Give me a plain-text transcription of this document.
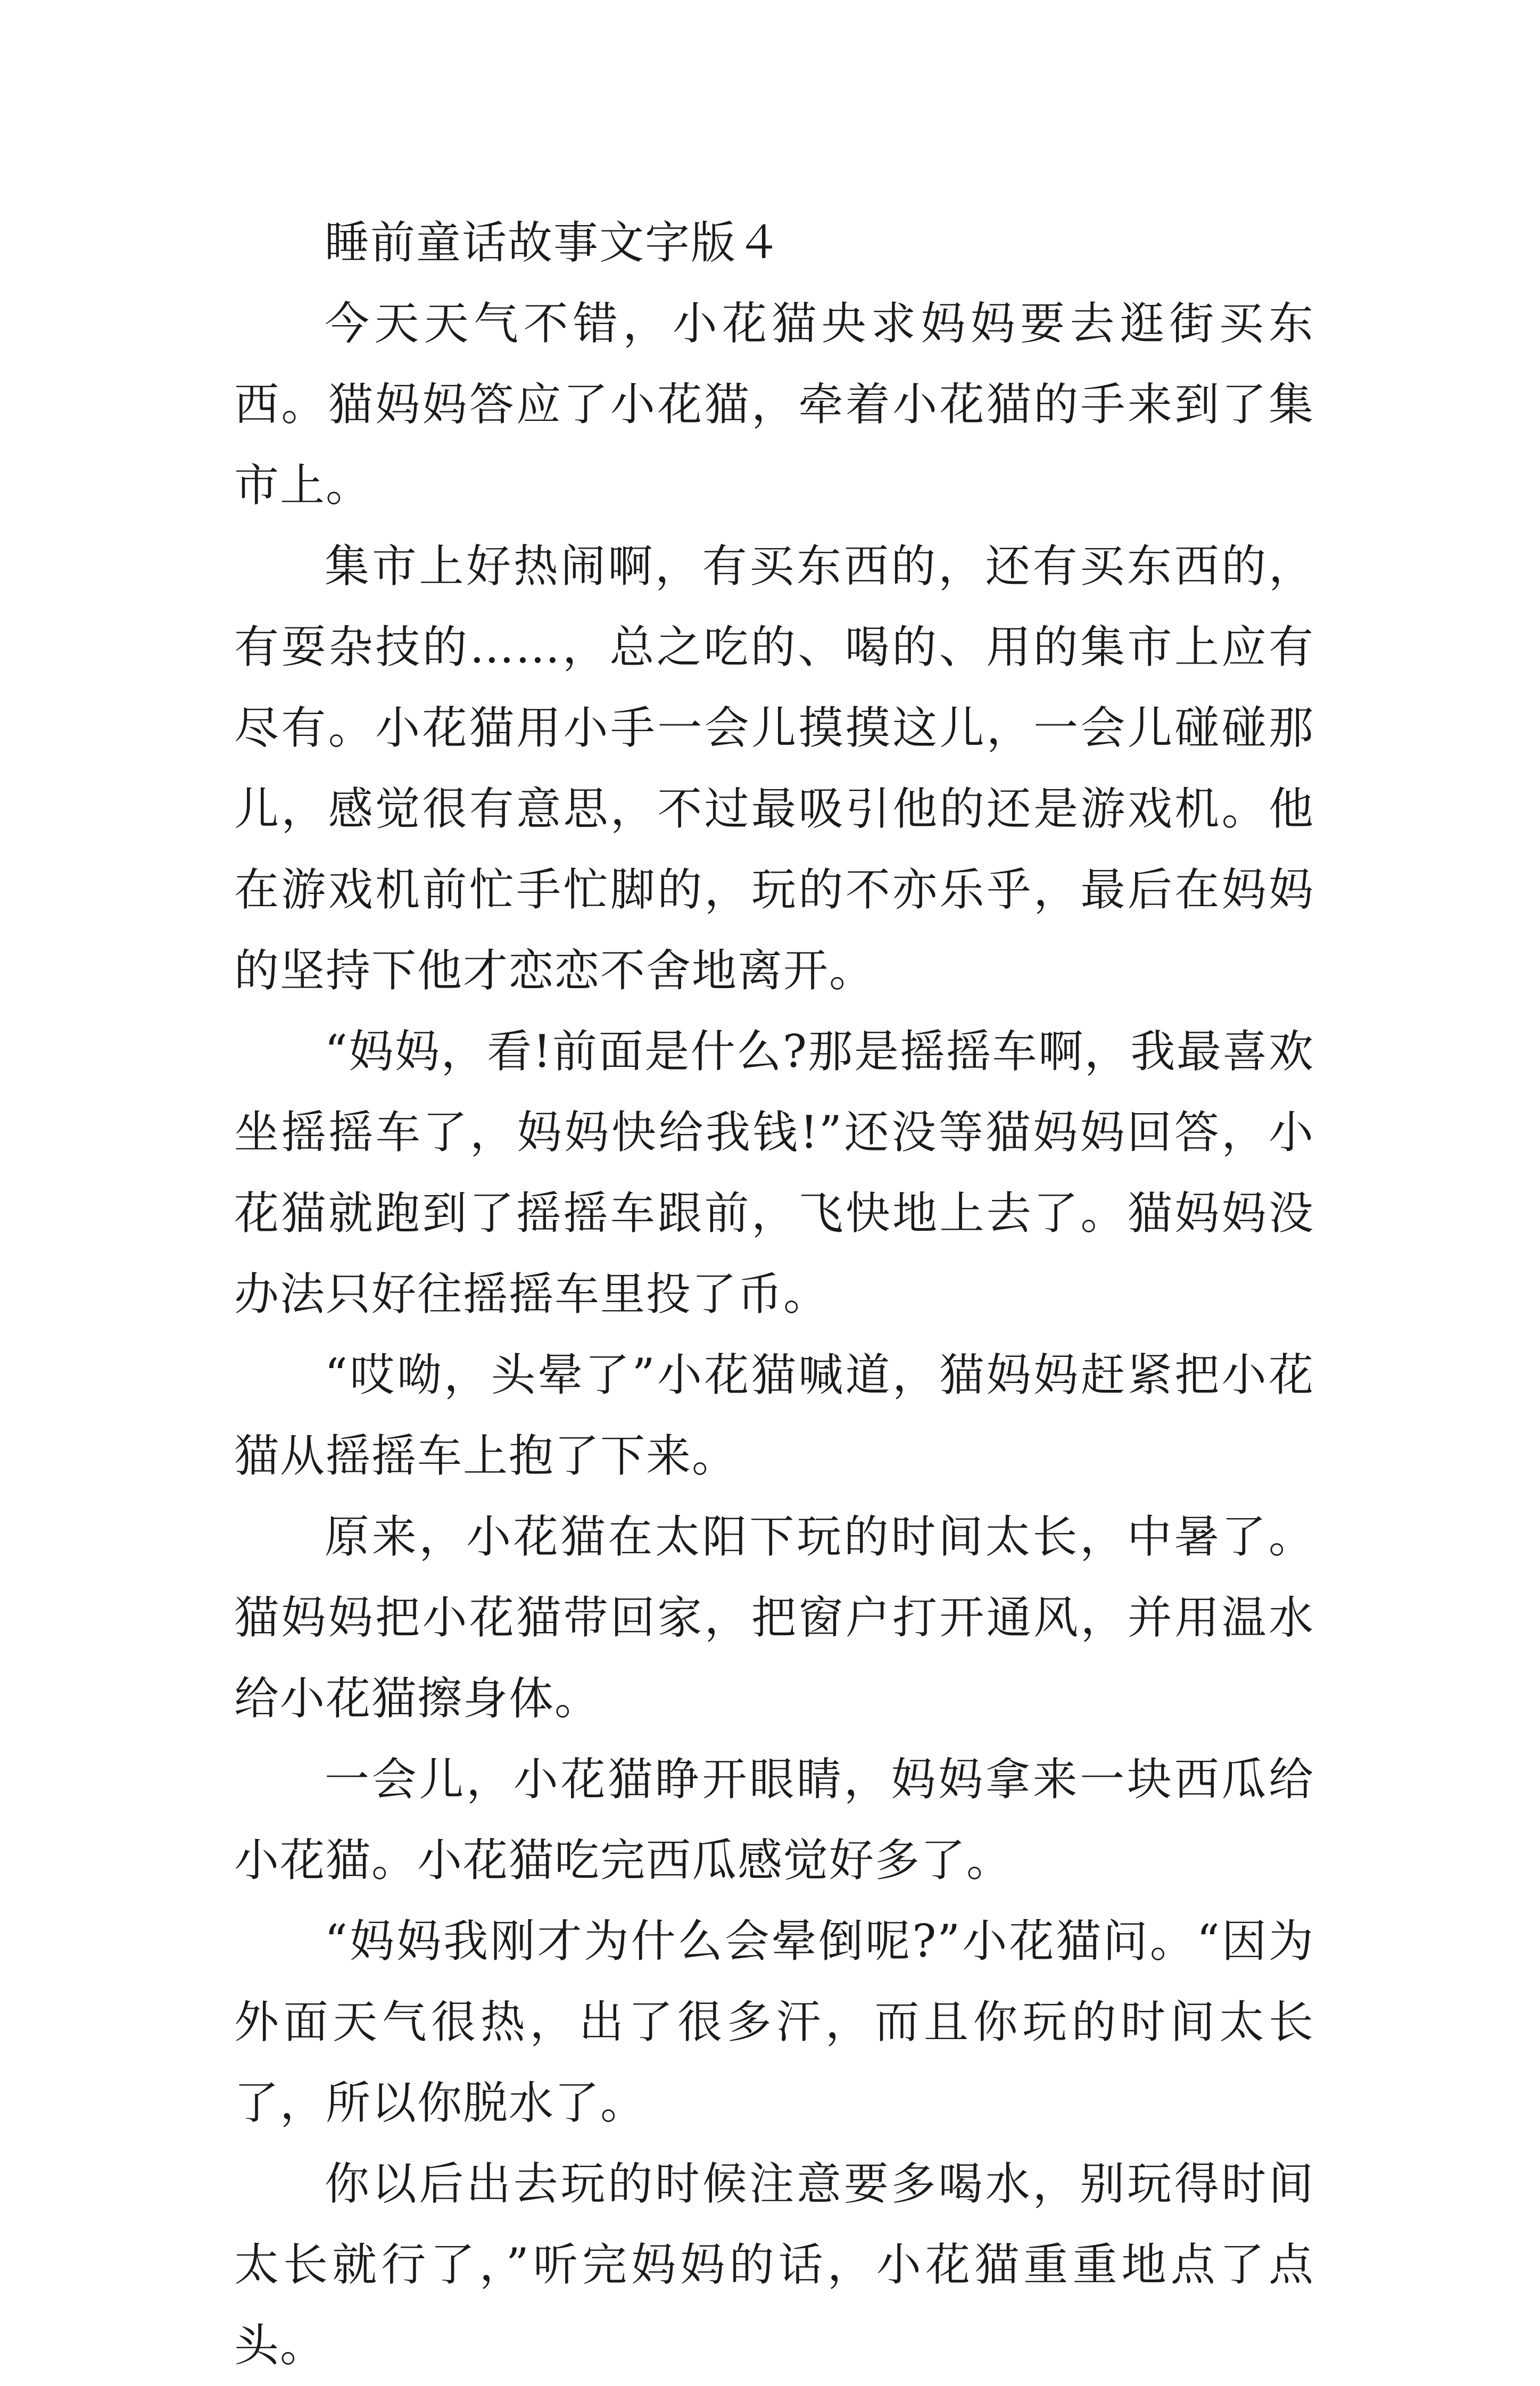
睡前童话故事文字版４

今天天气不错，小花猫央求妈妈要去逛街买东西。猫妈妈答应了小花猫，牵着小花猫的手来到了集市上。

集市上好热闹啊，有买东西的，还有买东西的，有耍杂技的……，总之吃的、喝的、用的集市上应有尽有。小花猫用小手一会儿摸摸这儿，一会儿碰碰那儿，感觉很有意思，不过最吸引他的还是游戏机。他在游戏机前忙手忙脚的，玩的不亦乐乎，最后在妈妈的坚持下他才恋恋不舍地离开。

“妈妈，看!前面是什么?那是摇摇车啊，我最喜欢坐摇摇车了，妈妈快给我钱!”还没等猫妈妈回答，小花猫就跑到了摇摇车跟前，飞快地上去了。猫妈妈没办法只好往摇摇车里投了币。

“哎呦，头晕了”小花猫喊道，猫妈妈赶紧把小花猫从摇摇车上抱了下来。

原来，小花猫在太阳下玩的时间太长，中暑了。猫妈妈把小花猫带回家，把窗户打开通风，并用温水给小花猫擦身体。

一会儿，小花猫睁开眼睛，妈妈拿来一块西瓜给小花猫。小花猫吃完西瓜感觉好多了。

“妈妈我刚才为什么会晕倒呢?”小花猫问。“因为外面天气很热，出了很多汗，而且你玩的时间太长了，所以你脱水了。

你以后出去玩的时候注意要多喝水，别玩得时间太长就行了，”听完妈妈的话，小花猫重重地点了点头。
